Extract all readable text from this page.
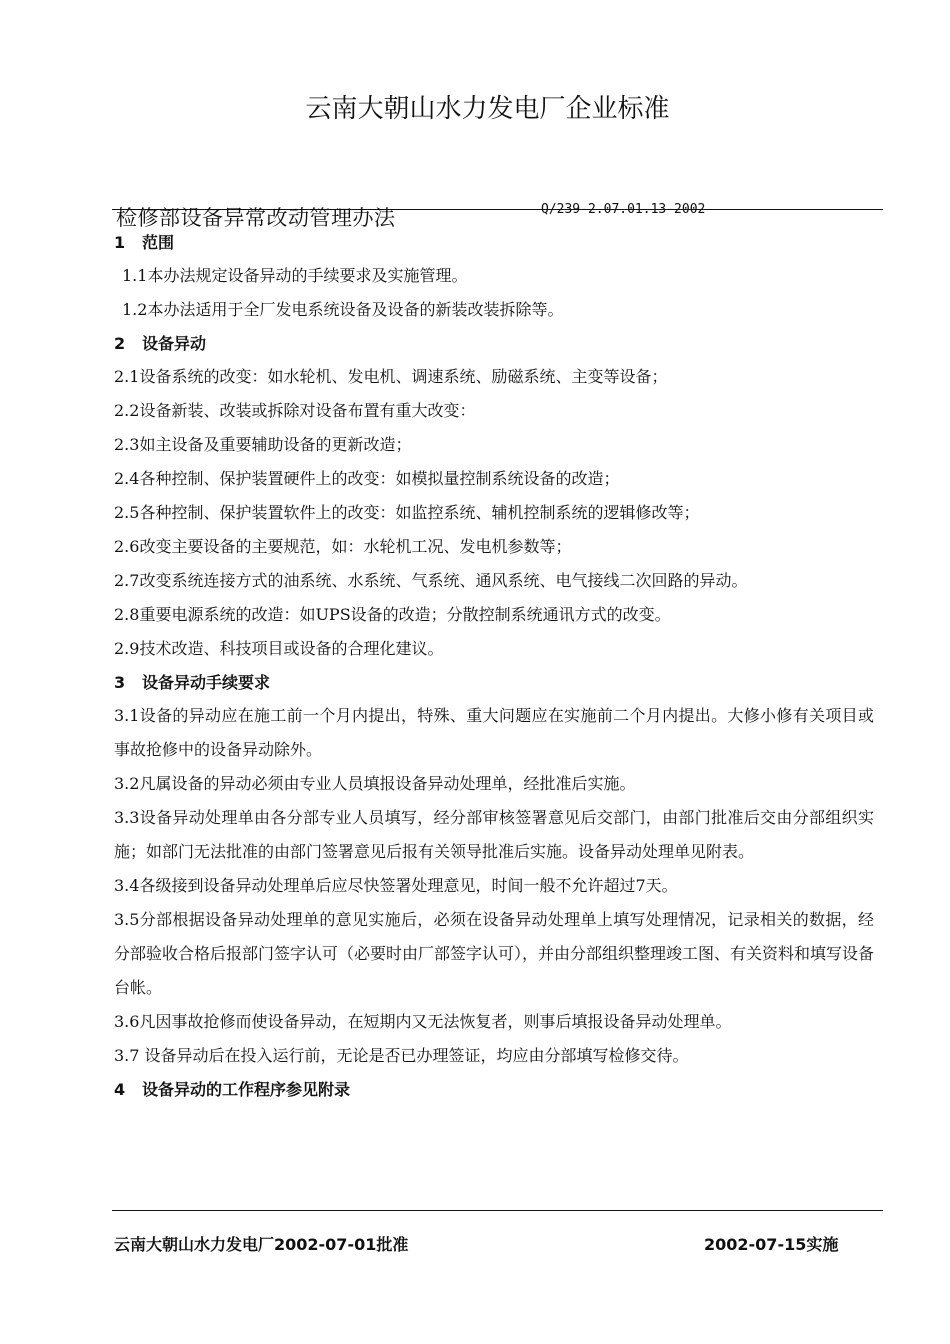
云南大朝山水力发电厂企业标准
检修部设备异常改动管理办法	Q/239-2.07.01.13-2002
1 范围
1.1本办法规定设备异动的手续要求及实施管理。
1.2本办法适用于全厂发电系统设备及设备的新装改装拆除等。
2 设备异动
2.1设备系统的改变：如水轮机、发电机、调速系统、励磁系统、主变等设备；
2.2设备新装、改装或拆除对设备布置有重大改变：
2.3如主设备及重要辅助设备的更新改造；
2.4各种控制、保护装置硬件上的改变：如模拟量控制系统设备的改造；
2.5各种控制、保护装置软件上的改变：如监控系统、辅机控制系统的逻辑修改等；
2.6改变主要设备的主要规范，如：水轮机工况、发电机参数等；
2.7改变系统连接方式的油系统、水系统、气系统、通风系统、电气接线二次回路的异动。
2.8重要电源系统的改造：如UPS设备的改造；分散控制系统通讯方式的改变。
2.9技术改造、科技项目或设备的合理化建议。
3 设备异动手续要求
3.1设备的异动应在施工前一个月内提出，特殊、重大问题应在实施前二个月内提出。大修小修有关项目或事故抢修中的设备异动除外。
3.2凡属设备的异动必须由专业人员填报设备异动处理单，经批准后实施。
3.3设备异动处理单由各分部专业人员填写，经分部审核签署意见后交部门，由部门批准后交由分部组织实施；如部门无法批准的由部门签署意见后报有关领导批准后实施。设备异动处理单见附表。
3.4各级接到设备异动处理单后应尽快签署处理意见，时间一般不允许超过7天。
3.5分部根据设备异动处理单的意见实施后，必须在设备异动处理单上填写处理情况，记录相关的数据，经分部验收合格后报部门签字认可（必要时由厂部签字认可），并由分部组织整理竣工图、有关资料和填写设备台帐。
3.6凡因事故抢修而使设备异动，在短期内又无法恢复者，则事后填报设备异动处理单。
3.7 设备异动后在投入运行前，无论是否已办理签证，均应由分部填写检修交待。
4 设备异动的工作程序参见附录
云南大朝山水力发电厂2002-07-01批准	2002-07-15实施
